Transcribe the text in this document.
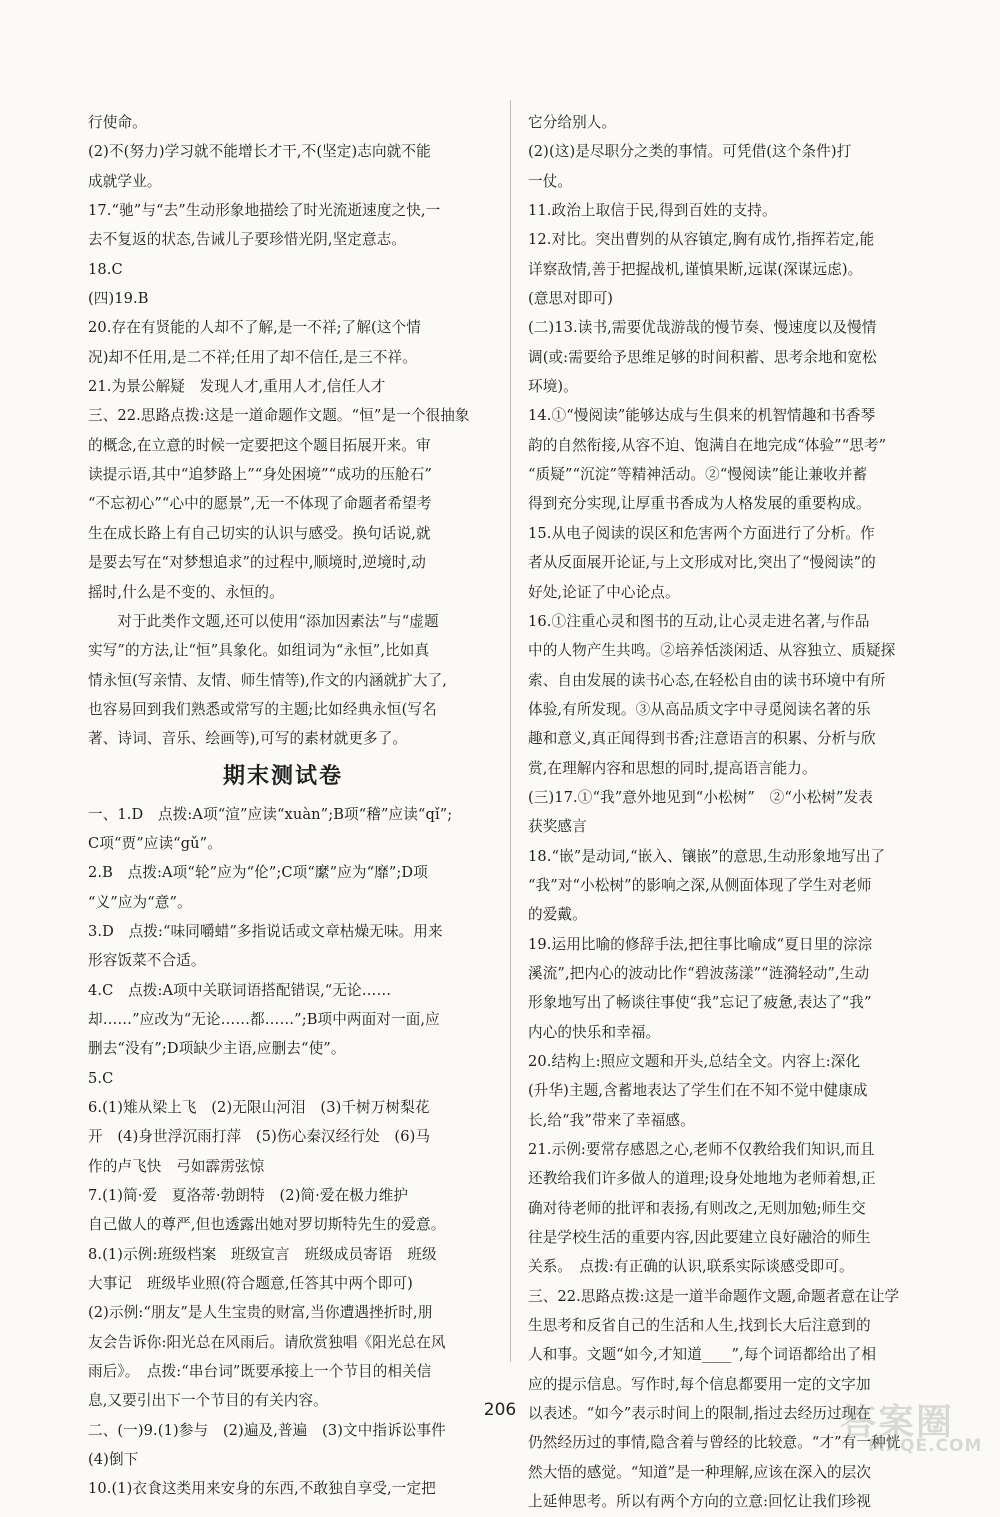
行使命。
(2)不(努力)学习就不能增长才干,不(坚定)志向就不能
成就学业。
17.“驰”与“去”生动形象地描绘了时光流逝速度之快,一
去不复返的状态,告诫儿子要珍惜光阴,坚定意志。
18.C
(四)19.B
20.存在有贤能的人却不了解,是一不祥;了解(这个情
况)却不任用,是二不祥;任用了却不信任,是三不祥。
21.为景公解疑　发现人才,重用人才,信任人才
三、22.思路点拨:这是一道命题作文题。“恒”是一个很抽象
的概念,在立意的时候一定要把这个题目拓展开来。审
读提示语,其中“追梦路上”“身处困境”“成功的压舱石”
“不忘初心”“心中的愿景”,无一不体现了命题者希望考
生在成长路上有自己切实的认识与感受。换句话说,就
是要去写在“对梦想追求”的过程中,顺境时,逆境时,动
摇时,什么是不变的、永恒的。
　　对于此类作文题,还可以使用“添加因素法”与“虚题
实写”的方法,让“恒”具象化。如组词为“永恒”,比如真
情永恒(写亲情、友情、师生情等),作文的内涵就扩大了,
也容易回到我们熟悉或常写的主题;比如经典永恒(写名
著、诗词、音乐、绘画等),可写的素材就更多了。
期末测试卷
一、1.D　点拨:A项“渲”应读“xuàn”;B项“稽”应读“qǐ”;
C项“贾”应读“gǔ”。
2.B　点拨:A项“轮”应为“伦”;C项“縻”应为“靡”;D项
“义”应为“意”。
3.D　点拨:“味同嚼蜡”多指说话或文章枯燥无味。用来
形容饭菜不合适。
4.C　点拨:A项中关联词语搭配错误,“无论……
却……”应改为“无论……都……”;B项中两面对一面,应
删去“没有”;D项缺少主语,应删去“使”。
5.C
6.(1)雉从梁上飞　(2)无限山河泪　(3)千树万树梨花
开　(4)身世浮沉雨打萍　(5)伤心秦汉经行处　(6)马
作的卢飞快　弓如霹雳弦惊
7.(1)简·爱　夏洛蒂·勃朗特　(2)简·爱在极力维护
自己做人的尊严,但也透露出她对罗切斯特先生的爱意。
8.(1)示例:班级档案　班级宣言　班级成员寄语　班级
大事记　班级毕业照(符合题意,任答其中两个即可)
(2)示例:“朋友”是人生宝贵的财富,当你遭遇挫折时,朋
友会告诉你:阳光总在风雨后。请欣赏独唱《阳光总在风
雨后》。　点拨:“串台词”既要承接上一个节目的相关信
息,又要引出下一个节目的有关内容。
二、(一)9.(1)参与　(2)遍及,普遍　(3)文中指诉讼事件
(4)倒下
10.(1)衣食这类用来安身的东西,不敢独自享受,一定把
它分给别人。
(2)(这)是尽职分之类的事情。可凭借(这个条件)打
一仗。
11.政治上取信于民,得到百姓的支持。
12.对比。突出曹刿的从容镇定,胸有成竹,指挥若定,能
详察敌情,善于把握战机,谨慎果断,远谋(深谋远虑)。
(意思对即可)
(二)13.读书,需要优哉游哉的慢节奏、慢速度以及慢情
调(或:需要给予思维足够的时间积蓄、思考余地和宽松
环境)。
14.①“慢阅读”能够达成与生俱来的机智情趣和书香琴
韵的自然衔接,从容不迫、饱满自在地完成“体验”“思考”
“质疑”“沉淀”等精神活动。②“慢阅读”能让兼收并蓄
得到充分实现,让厚重书香成为人格发展的重要构成。
15.从电子阅读的误区和危害两个方面进行了分析。作
者从反面展开论证,与上文形成对比,突出了“慢阅读”的
好处,论证了中心论点。
16.①注重心灵和图书的互动,让心灵走进名著,与作品
中的人物产生共鸣。②培养恬淡闲适、从容独立、质疑探
索、自由发展的读书心态,在轻松自由的读书环境中有所
体验,有所发现。③从高品质文字中寻觅阅读名著的乐
趣和意义,真正闻得到书香;注意语言的积累、分析与欣
赏,在理解内容和思想的同时,提高语言能力。
(三)17.①“我”意外地见到“小松树”　②“小松树”发表
获奖感言
18.“嵌”是动词,“嵌入、镶嵌”的意思,生动形象地写出了
“我”对“小松树”的影响之深,从侧面体现了学生对老师
的爱戴。
19.运用比喻的修辞手法,把往事比喻成“夏日里的淙淙
溪流”,把内心的波动比作“碧波荡漾”“涟漪轻动”,生动
形象地写出了畅谈往事使“我”忘记了疲惫,表达了“我”
内心的快乐和幸福。
20.结构上:照应文题和开头,总结全文。内容上:深化
(升华)主题,含蓄地表达了学生们在不知不觉中健康成
长,给“我”带来了幸福感。
21.示例:要常存感恩之心,老师不仅教给我们知识,而且
还教给我们许多做人的道理;设身处地地为老师着想,正
确对待老师的批评和表扬,有则改之,无则加勉;师生交
往是学校生活的重要内容,因此要建立良好融洽的师生
关系。　点拨:有正确的认识,联系实际谈感受即可。
三、22.思路点拨:这是一道半命题作文题,命题者意在让学
生思考和反省自己的生活和人生,找到长大后注意到的
人和事。文题“如今,才知道____”,每个词语都给出了相
应的提示信息。写作时,每个信息都要用一定的文字加
以表述。“如今”表示时间上的限制,指过去经历过现在
仍然经历过的事情,隐含着与曾经的比较意。“才”有一种恍
然大悟的感觉。“知道”是一种理解,应该在深入的层次
上延伸思考。所以有两个方向的立意:回忆让我们珍视
206	答案圈
MXQE.COM
